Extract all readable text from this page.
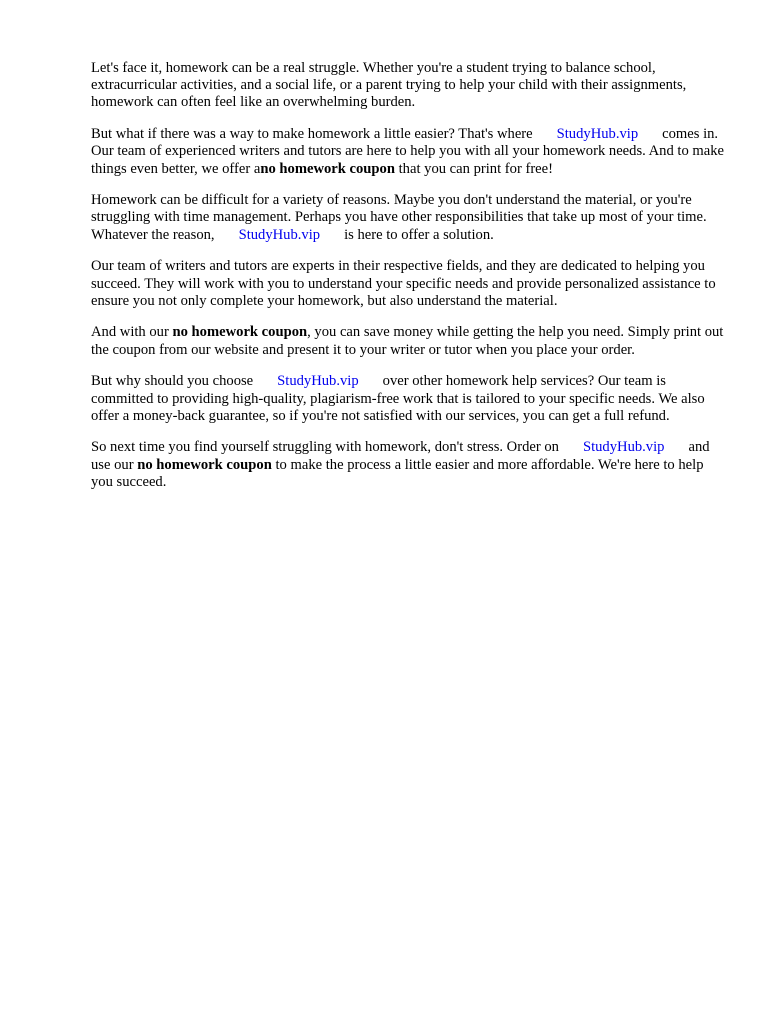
Let's face it, homework can be a real struggle. Whether you're a student trying to balance school, extracurricular activities, and a social life, or a parent trying to help your child with their assignments, homework can often feel like an overwhelming burden.

But what if there was a way to make homework a little easier? That's where StudyHub.vip comes in. Our team of experienced writers and tutors are here to help you with all your homework needs. And to make things even better, we offer ano homework coupon that you can print for free!

Homework can be difficult for a variety of reasons. Maybe you don't understand the material, or you're struggling with time management. Perhaps you have other responsibilities that take up most of your time. Whatever the reason, StudyHub.vip is here to offer a solution.

Our team of writers and tutors are experts in their respective fields, and they are dedicated to helping you succeed. They will work with you to understand your specific needs and provide personalized assistance to ensure you not only complete your homework, but also understand the material.

And with our no homework coupon, you can save money while getting the help you need. Simply print out the coupon from our website and present it to your writer or tutor when you place your order.

But why should you choose StudyHub.vip over other homework help services? Our team is committed to providing high-quality, plagiarism-free work that is tailored to your specific needs. We also offer a money-back guarantee, so if you're not satisfied with our services, you can get a full refund.

So next time you find yourself struggling with homework, don't stress. Order on StudyHub.vip and use our no homework coupon to make the process a little easier and more affordable. We're here to help you succeed.
